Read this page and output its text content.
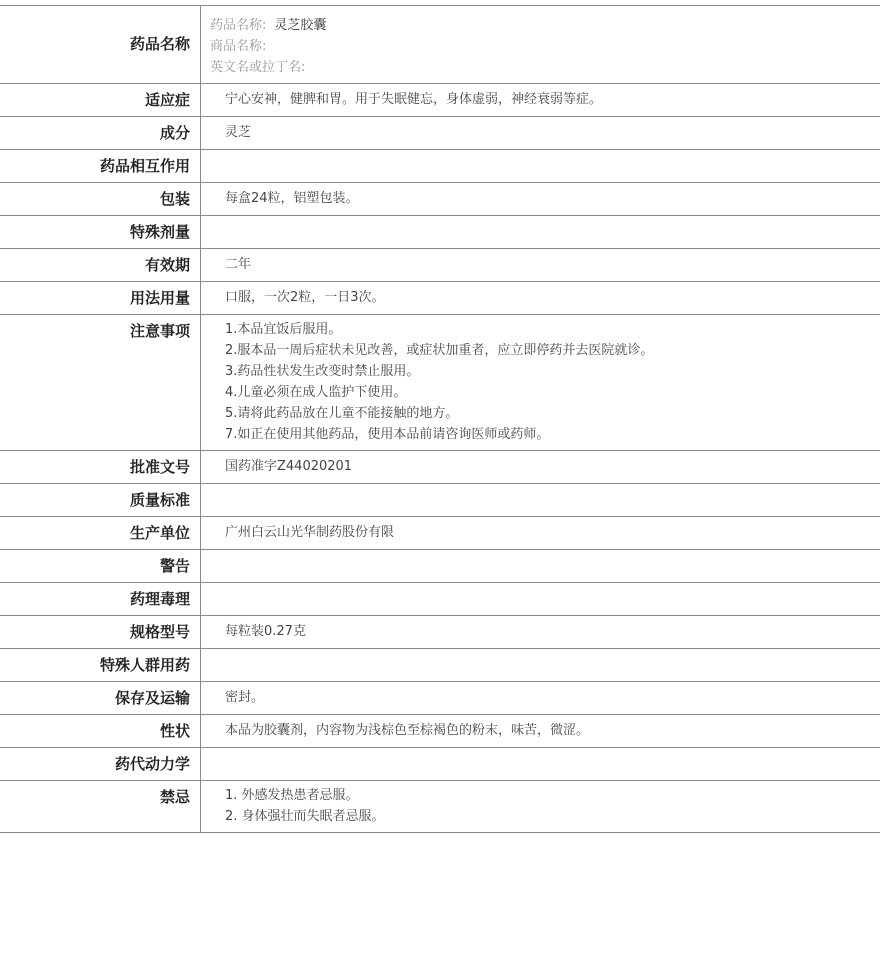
药品名称
药品名称: 灵芝胶囊
商品名称:
英文名或拉丁名:
适应症	宁心安神，健脾和胃。用于失眠健忘，身体虚弱，神经衰弱等症。
成分	灵芝
药品相互作用
包装	每盒24粒，铝塑包装。
特殊剂量
有效期	二年
用法用量	口服，一次2粒，一日3次。
注意事项	1.本品宜饭后服用。
2.服本品一周后症状未见改善，或症状加重者，应立即停药并去医院就诊。
3.药品性状发生改变时禁止服用。
4.儿童必须在成人监护下使用。
5.请将此药品放在儿童不能接触的地方。
7.如正在使用其他药品，使用本品前请咨询医师或药师。
批准文号	国药准字Z44020201
质量标准
生产单位	广州白云山光华制药股份有限
警告
药理毒理
规格型号	每粒装0.27克
特殊人群用药
保存及运输	密封。
性状	本品为胶囊剂，内容物为浅棕色至棕褐色的粉末，味苦，微涩。
药代动力学
禁忌	1. 外感发热患者忌服。
2. 身体强壮而失眠者忌服。
